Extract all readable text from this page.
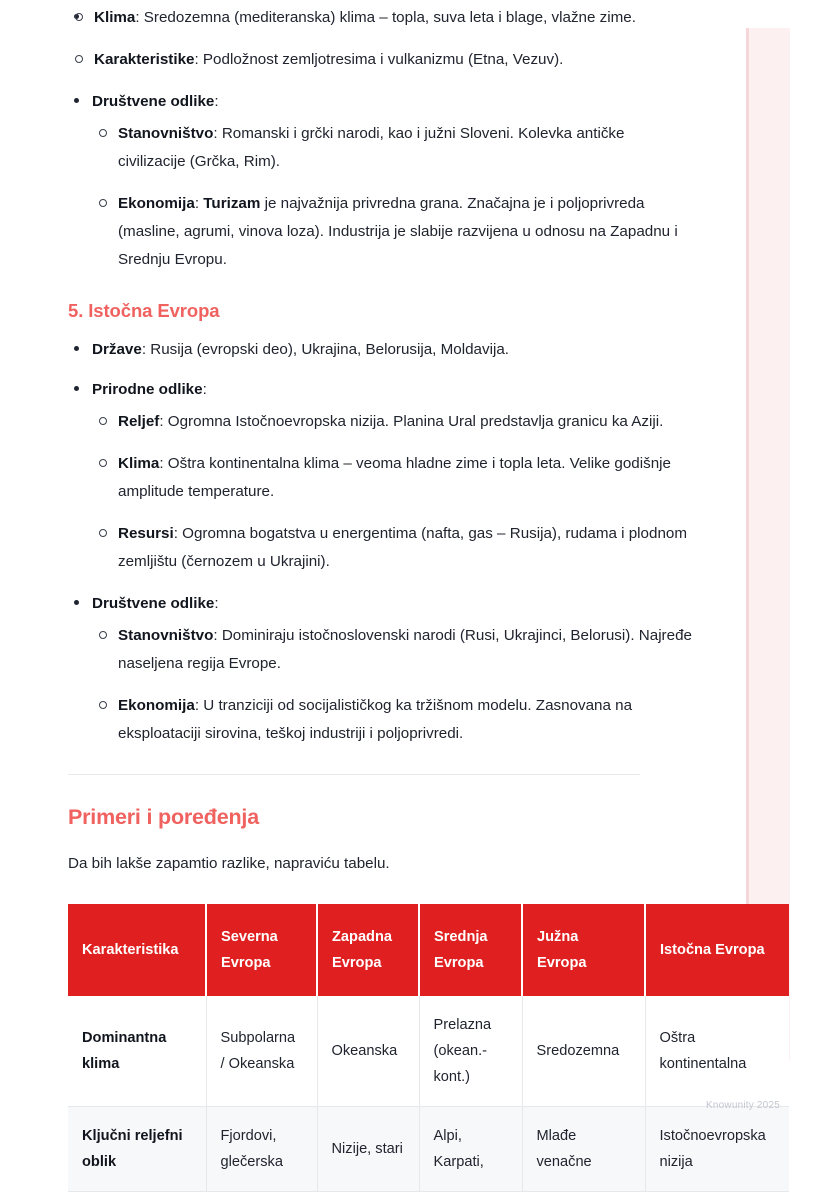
Klima: Sredozemna (mediteranska) klima – topla, suva leta i blage, vlažne zime.
Karakteristike: Podložnost zemljotresima i vulkanizmu (Etna, Vezuv).
Društvene odlike:
Stanovništvo: Romanski i grčki narodi, kao i južni Sloveni. Kolevka antičke civilizacije (Grčka, Rim).
Ekonomija: Turizam je najvažnija privredna grana. Značajna je i poljoprivreda (masline, agrumi, vinova loza). Industrija je slabije razvijena u odnosu na Zapadnu i Srednju Evropu.
5. Istočna Evropa
Države: Rusija (evropski deo), Ukrajina, Belorusija, Moldavija.
Prirodne odlike:
Reljef: Ogromna Istočnoevropska nizija. Planina Ural predstavlja granicu ka Aziji.
Klima: Oštra kontinentalna klima – veoma hladne zime i topla leta. Velike godišnje amplitude temperature.
Resursi: Ogromna bogatstva u energentima (nafta, gas – Rusija), rudama i plodnom zemljištu (černozem u Ukrajini).
Društvene odlike:
Stanovništvo: Dominiraju istočnoslovenski narodi (Rusi, Ukrajinci, Belorusi). Najređe naseljena regija Evrope.
Ekonomija: U tranziciji od socijalističkog ka tržišnom modelu. Zasnovana na eksploataciji sirovina, teškoj industriji i poljoprivredi.
Primeri i poređenja

Da bih lakše zapamtio razlike, napraviću tabelu.

Karakteristika	Severna Evropa	Zapadna Evropa	Srednja Evropa	Južna Evropa	Istočna Evropa
Dominantna klima	Subpolarna / Okeanska	Okeanska	Prelazna (okean.-kont.)	Sredozemna	Oštra kontinentalna
Ključni reljefni oblik	Fjordovi, glečerska	Nizije, stari	Alpi, Karpati,	Mlađe venačne	Istočnoevropska nizija
Knowunity 2025
